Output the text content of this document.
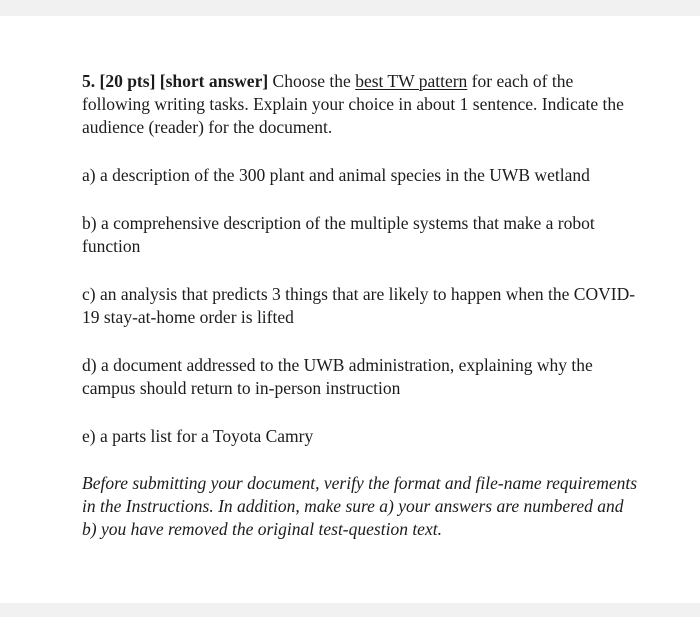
5. [20 pts] [short answer] Choose the best TW pattern for each of the following writing tasks. Explain your choice in about 1 sentence. Indicate the audience (reader) for the document.

a) a description of the 300 plant and animal species in the UWB wetland

b) a comprehensive description of the multiple systems that make a robot function

c) an analysis that predicts 3 things that are likely to happen when the COVID-19 stay-at-home order is lifted

d) a document addressed to the UWB administration, explaining why the campus should return to in-person instruction

e) a parts list for a Toyota Camry

Before submitting your document, verify the format and file-name requirements in the Instructions. In addition, make sure a) your answers are numbered and b) you have removed the original test-question text.
